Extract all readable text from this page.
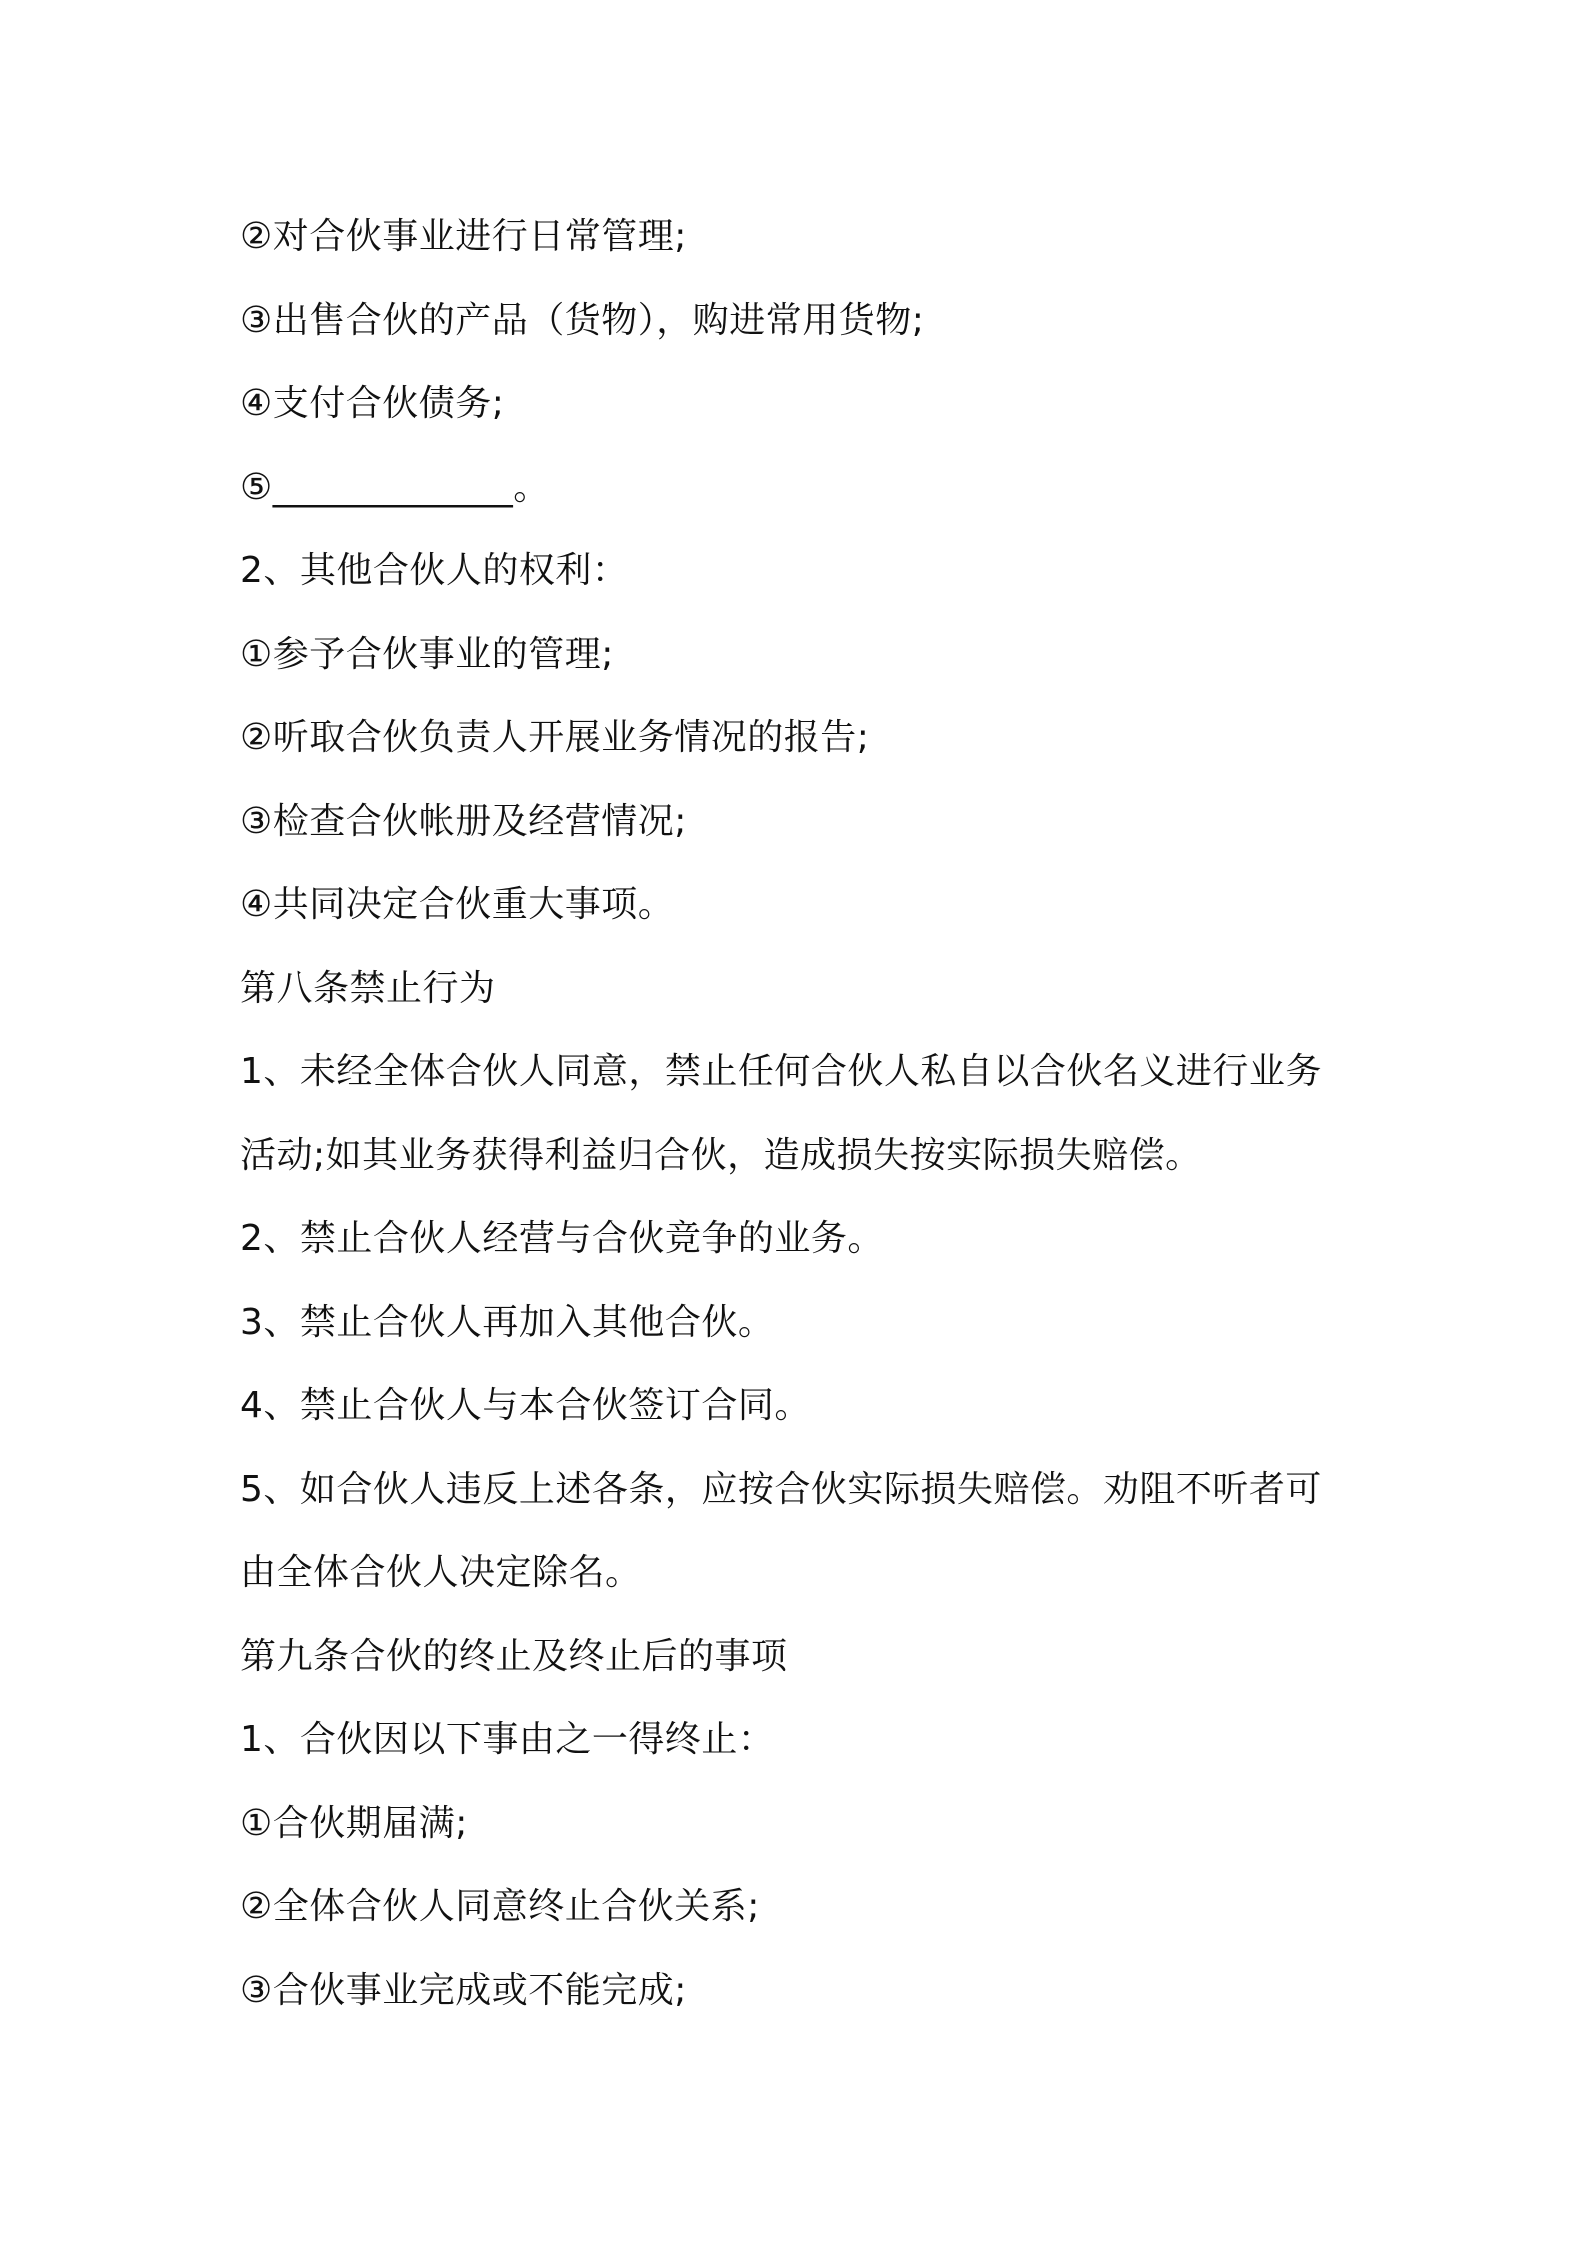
②对合伙事业进行日常管理;
③出售合伙的产品（货物），购进常用货物;
④支付合伙债务;
⑤_____________。
2、其他合伙人的权利：
①参予合伙事业的管理;
②听取合伙负责人开展业务情况的报告;
③检查合伙帐册及经营情况;
④共同决定合伙重大事项。
第八条禁止行为
1、未经全体合伙人同意，禁止任何合伙人私自以合伙名义进行业务
活动;如其业务获得利益归合伙，造成损失按实际损失赔偿。
2、禁止合伙人经营与合伙竞争的业务。
3、禁止合伙人再加入其他合伙。
4、禁止合伙人与本合伙签订合同。
5、如合伙人违反上述各条，应按合伙实际损失赔偿。劝阻不听者可
由全体合伙人决定除名。
第九条合伙的终止及终止后的事项
1、合伙因以下事由之一得终止：
①合伙期届满;
②全体合伙人同意终止合伙关系;
③合伙事业完成或不能完成;
